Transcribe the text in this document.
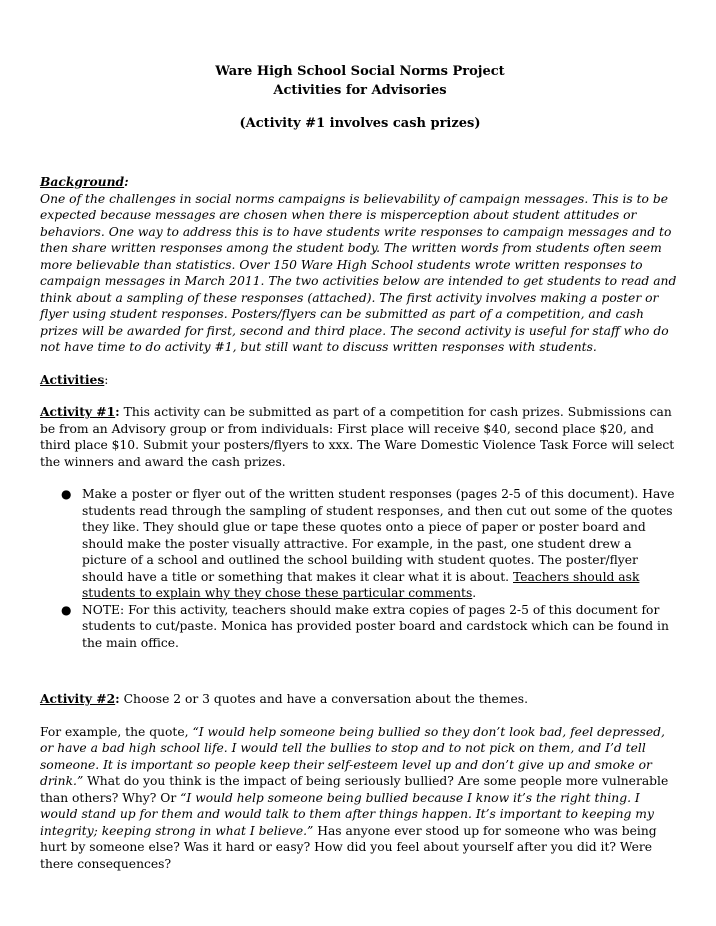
Ware High School Social Norms Project
Activities for Advisories
(Activity #1 involves cash prizes)
Background:

One of the challenges in social norms campaigns is believability of campaign messages. This is to be expected because messages are chosen when there is misperception about student attitudes or behaviors. One way to address this is to have students write responses to campaign messages and to then share written responses among the student body. The written words from students often seem more believable than statistics. Over 150 Ware High School students wrote written responses to campaign messages in March 2011. The two activities below are intended to get students to read and think about a sampling of these responses (attached). The first activity involves making a poster or flyer using student responses. Posters/flyers can be submitted as part of a competition, and cash prizes will be awarded for first, second and third place. The second activity is useful for staff who do not have time to do activity #1, but still want to discuss written responses with students.

Activities:

Activity #1: This activity can be submitted as part of a competition for cash prizes. Submissions can be from an Advisory group or from individuals: First place will receive $40, second place $20, and third place $10. Submit your posters/flyers to xxx. The Ware Domestic Violence Task Force will select the winners and award the cash prizes.

● Make a poster or flyer out of the written student responses (pages 2-5 of this document). Have students read through the sampling of student responses, and then cut out some of the quotes they like. They should glue or tape these quotes onto a piece of paper or poster board and should make the poster visually attractive. For example, in the past, one student drew a picture of a school and outlined the school building with student quotes. The poster/flyer should have a title or something that makes it clear what it is about. Teachers should ask students to explain why they chose these particular comments.
● NOTE: For this activity, teachers should make extra copies of pages 2-5 of this document for students to cut/paste. Monica has provided poster board and cardstock which can be found in the main office.

Activity #2: Choose 2 or 3 quotes and have a conversation about the themes.

For example, the quote, “I would help someone being bullied so they don’t look bad, feel depressed, or have a bad high school life. I would tell the bullies to stop and to not pick on them, and I’d tell someone. It is important so people keep their self-esteem level up and don’t give up and smoke or drink.” What do you think is the impact of being seriously bullied? Are some people more vulnerable than others? Why? Or “I would help someone being bullied because I know it’s the right thing. I would stand up for them and would talk to them after things happen. It’s important to keeping my integrity; keeping strong in what I believe.” Has anyone ever stood up for someone who was being hurt by someone else? Was it hard or easy? How did you feel about yourself after you did it? Were there consequences?
